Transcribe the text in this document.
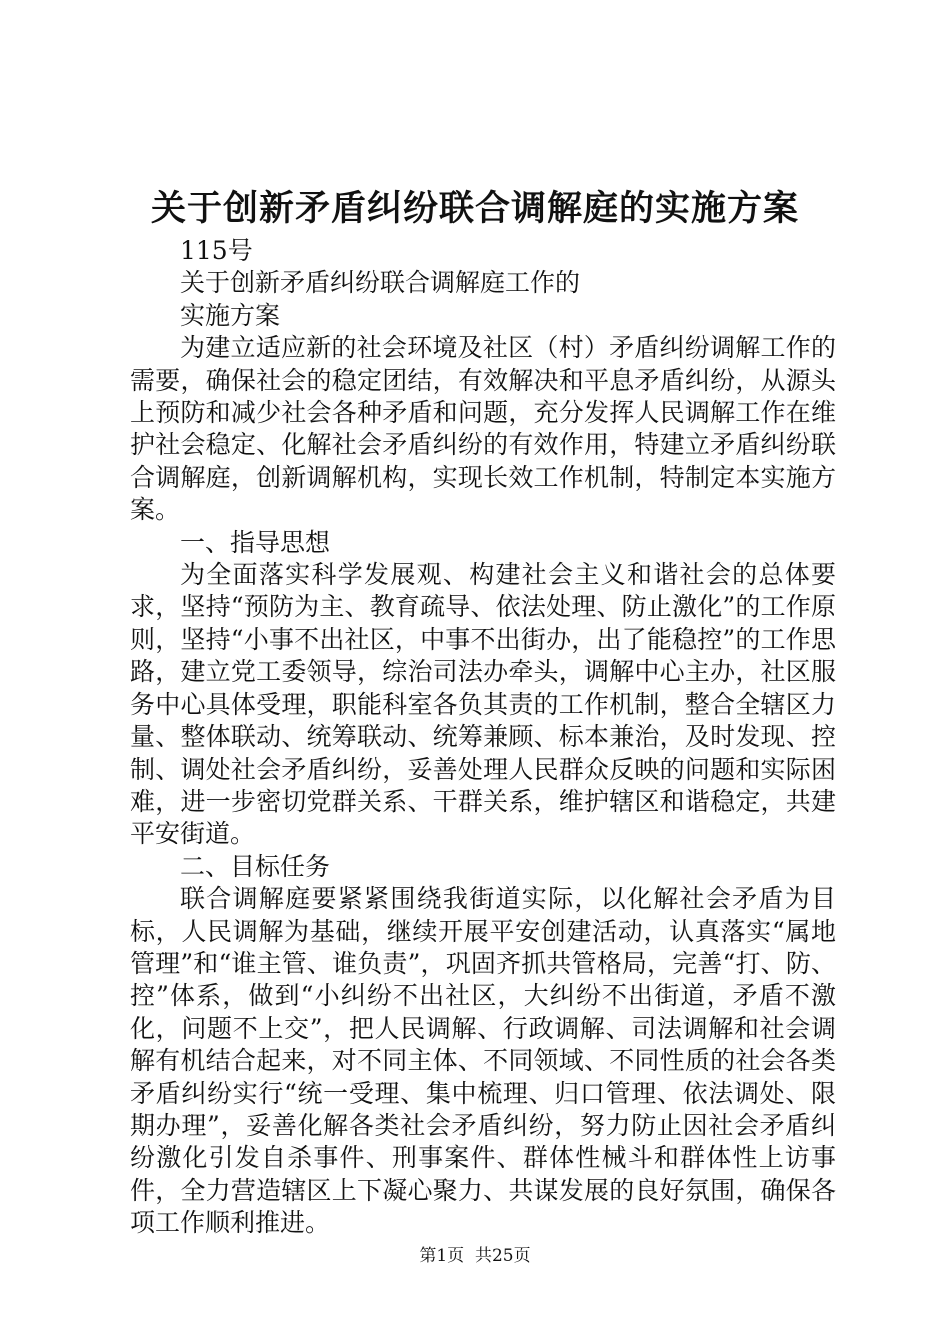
关于创新矛盾纠纷联合调解庭的实施方案
115号
关于创新矛盾纠纷联合调解庭工作的
实施方案

为建立适应新的社会环境及社区（村）矛盾纠纷调解工作的需要，确保社会的稳定团结，有效解决和平息矛盾纠纷，从源头上预防和减少社会各种矛盾和问题，充分发挥人民调解工作在维护社会稳定、化解社会矛盾纠纷的有效作用，特建立矛盾纠纷联合调解庭，创新调解机构，实现长效工作机制，特制定本实施方案。

一、指导思想

为全面落实科学发展观、构建社会主义和谐社会的总体要求，坚持“预防为主、教育疏导、依法处理、防止激化”的工作原则，坚持“小事不出社区，中事不出街办，出了能稳控”的工作思路，建立党工委领导，综治司法办牵头，调解中心主办，社区服务中心具体受理，职能科室各负其责的工作机制，整合全辖区力量、整体联动、统筹联动、统筹兼顾、标本兼治，及时发现、控制、调处社会矛盾纠纷，妥善处理人民群众反映的问题和实际困难，进一步密切党群关系、干群关系，维护辖区和谐稳定，共建平安街道。

二、目标任务

联合调解庭要紧紧围绕我街道实际，以化解社会矛盾为目标，人民调解为基础，继续开展平安创建活动，认真落实“属地管理”和“谁主管、谁负责”，巩固齐抓共管格局，完善“打、防、控”体系，做到“小纠纷不出社区，大纠纷不出街道，矛盾不激化，问题不上交”，把人民调解、行政调解、司法调解和社会调解有机结合起来，对不同主体、不同领域、不同性质的社会各类矛盾纠纷实行“统一受理、集中梳理、归口管理、依法调处、限期办理”，妥善化解各类社会矛盾纠纷，努力防止因社会矛盾纠纷激化引发自杀事件、刑事案件、群体性械斗和群体性上访事件，全力营造辖区上下凝心聚力、共谋发展的良好氛围，确保各项工作顺利推进。

第1页  共25页
